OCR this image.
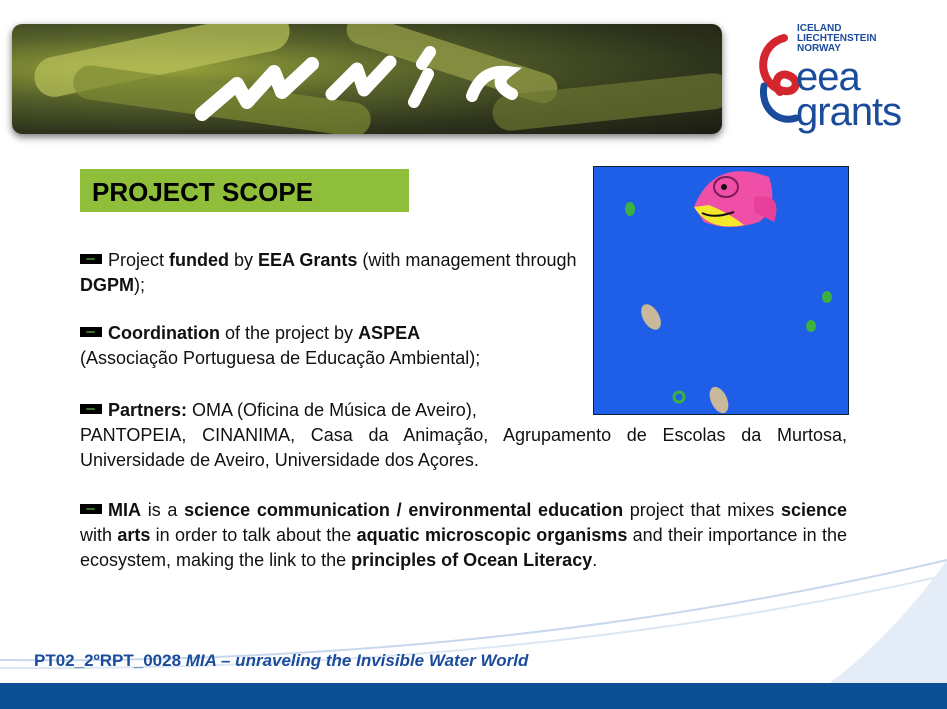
ICELAND
LIECHTENSTEIN
NORWAY
eea
grants
PROJECT SCOPE
Project funded by EEA Grants (with management through DGPM);
Coordination of the project by ASPEA
(Associação Portuguesa de Educação Ambiental);
Partners: OMA (Oficina de Música de Aveiro),
PANTOPEIA, CINANIMA, Casa da Animação, Agrupamento de Escolas da Murtosa, Universidade de Aveiro, Universidade dos Açores.
MIA is a science communication / environmental education project that mixes science with arts in order to talk about the aquatic microscopic organisms and their importance in the ecosystem, making the link to the principles of Ocean Literacy.
PT02_2ºRPT_0028 MIA – unraveling the Invisible Water World
